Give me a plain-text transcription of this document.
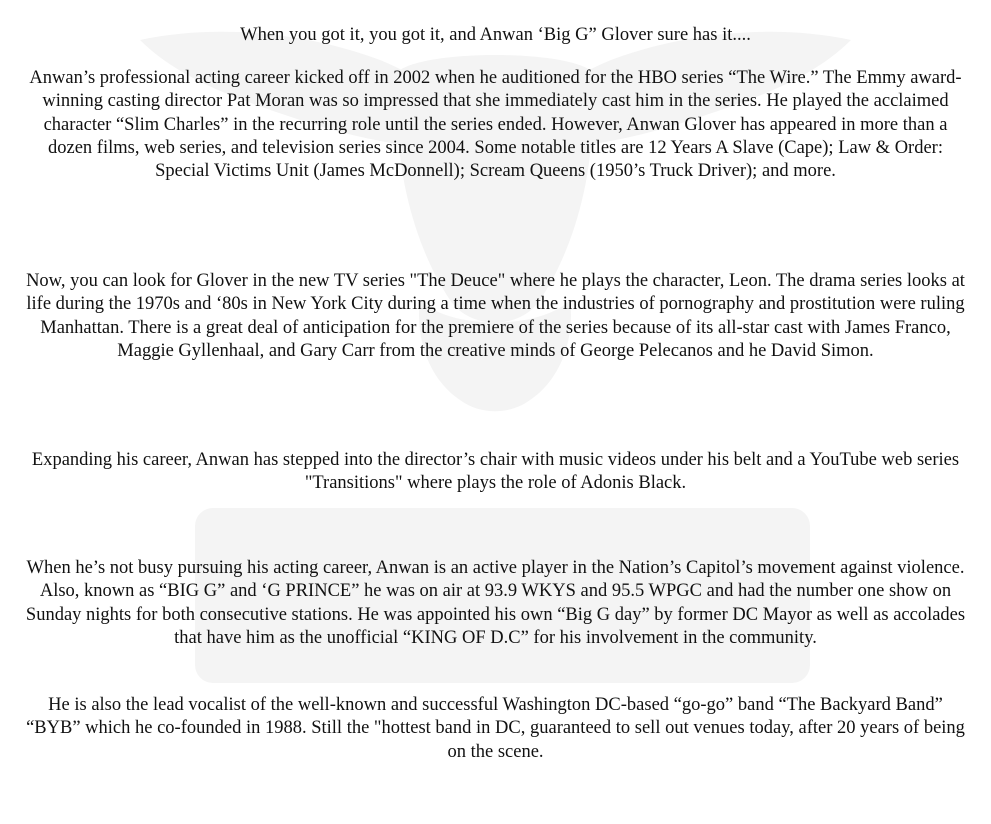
When you got it, you got it, and Anwan ‘Big G” Glover sure has it....

Anwan’s professional acting career kicked off in 2002 when he auditioned for the HBO series “The Wire.” The Emmy award-winning casting director Pat Moran was so impressed that she immediately cast him in the series. He played the acclaimed character “Slim Charles” in the recurring role until the series ended. However, Anwan Glover has appeared in more than a dozen films, web series, and television series since 2004. Some notable titles are 12 Years A Slave (Cape); Law & Order: Special Victims Unit (James McDonnell); Scream Queens (1950’s Truck Driver); and more.

Now, you can look for Glover in the new TV series "The Deuce" where he plays the character, Leon. The drama series looks at life during the 1970s and ‘80s in New York City during a time when the industries of pornography and prostitution were ruling Manhattan. There is a great deal of anticipation for the premiere of the series because of its all-star cast with James Franco, Maggie Gyllenhaal, and Gary Carr from the creative minds of George Pelecanos and he David Simon.

Expanding his career, Anwan has stepped into the director’s chair with music videos under his belt and a YouTube web series "Transitions" where plays the role of Adonis Black.

When he’s not busy pursuing his acting career, Anwan is an active player in the Nation’s Capitol’s movement against violence. Also, known as “BIG G” and ‘G PRINCE” he was on air at 93.9 WKYS and 95.5 WPGC and had the number one show on Sunday nights for both consecutive stations. He was appointed his own “Big G day” by former DC Mayor as well as accolades that have him as the unofficial “KING OF D.C” for his involvement in the community.

He is also the lead vocalist of the well-known and successful Washington DC-based “go-go” band “The Backyard Band” “BYB” which he co-founded in 1988. Still the "hottest band in DC, guaranteed to sell out venues today, after 20 years of being on the scene.
